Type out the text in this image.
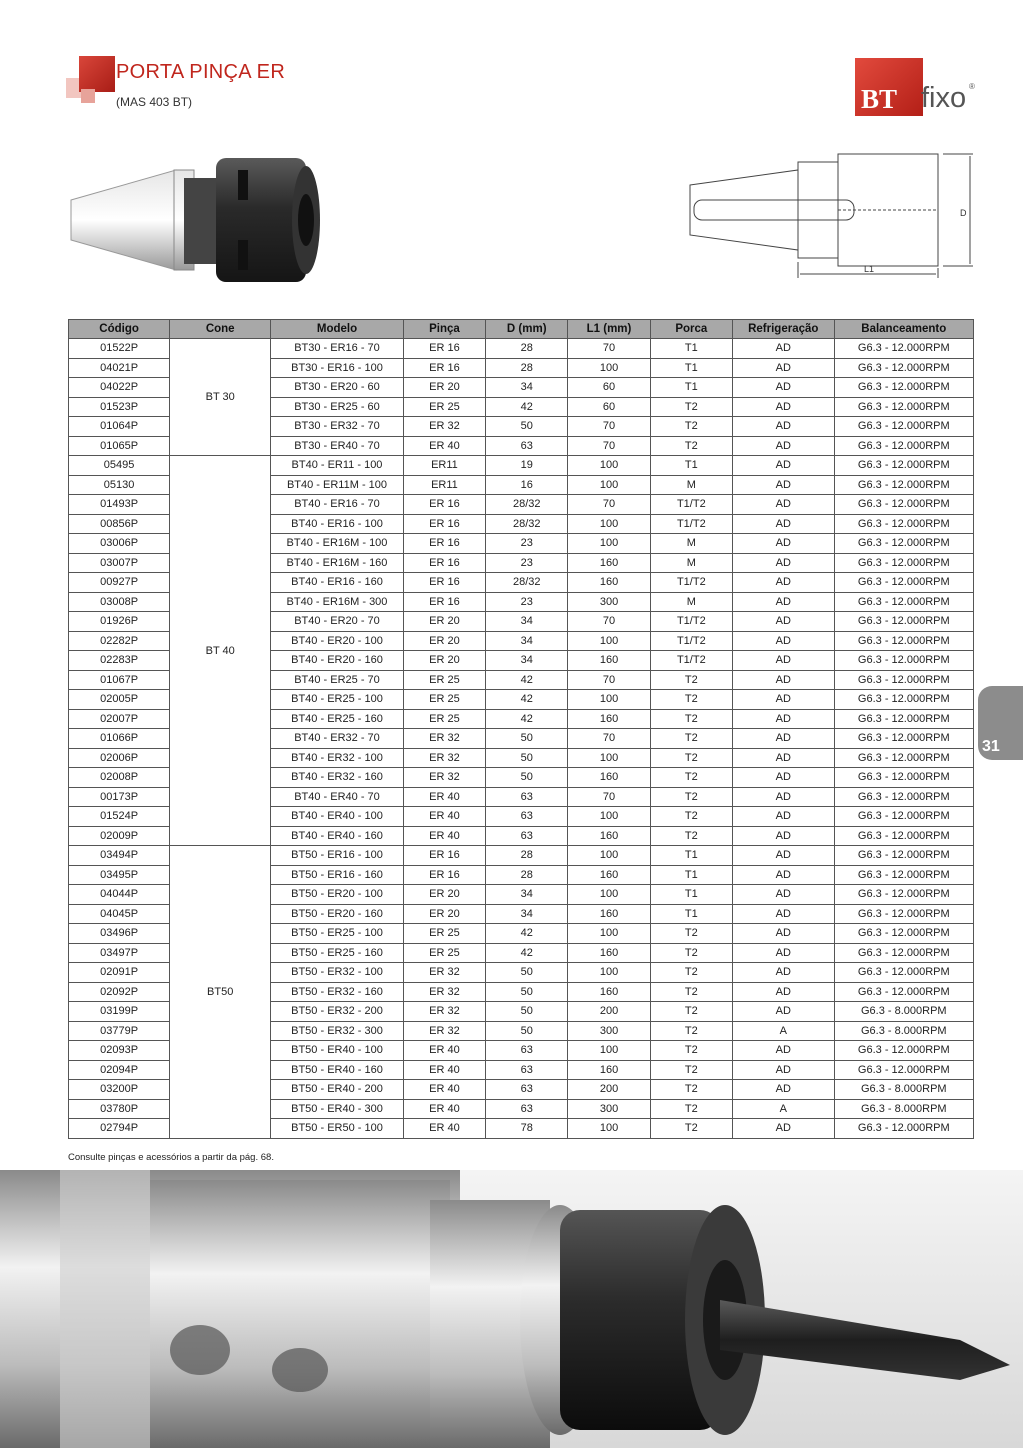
PORTA PINÇA ER
(MAS 403 BT)	BT fixo ®
D
L1
Código	Cone	Modelo	Pinça	D (mm)	L1 (mm)	Porca	Refrigeração	Balanceamento
01522P	BT 30	BT30 - ER16 - 70	ER 16	28	70	T1	AD	G6.3 - 12.000RPM
04021P		BT30 - ER16 - 100	ER 16	28	100	T1	AD	G6.3 - 12.000RPM
04022P		BT30 - ER20 - 60	ER 20	34	60	T1	AD	G6.3 - 12.000RPM
01523P		BT30 - ER25 - 60	ER 25	42	60	T2	AD	G6.3 - 12.000RPM
01064P		BT30 - ER32 - 70	ER 32	50	70	T2	AD	G6.3 - 12.000RPM
01065P		BT30 - ER40 - 70	ER 40	63	70	T2	AD	G6.3 - 12.000RPM
05495	BT 40	BT40 - ER11 - 100	ER11	19	100	T1	AD	G6.3 - 12.000RPM
05130		BT40 - ER11M - 100	ER11	16	100	M	AD	G6.3 - 12.000RPM
01493P		BT40 - ER16 - 70	ER 16	28/32	70	T1/T2	AD	G6.3 - 12.000RPM
00856P		BT40 - ER16 - 100	ER 16	28/32	100	T1/T2	AD	G6.3 - 12.000RPM
03006P		BT40 - ER16M - 100	ER 16	23	100	M	AD	G6.3 - 12.000RPM
03007P		BT40 - ER16M - 160	ER 16	23	160	M	AD	G6.3 - 12.000RPM
00927P		BT40 - ER16 - 160	ER 16	28/32	160	T1/T2	AD	G6.3 - 12.000RPM
03008P		BT40 - ER16M - 300	ER 16	23	300	M	AD	G6.3 - 12.000RPM
01926P		BT40 - ER20 - 70	ER 20	34	70	T1/T2	AD	G6.3 - 12.000RPM
02282P		BT40 - ER20 - 100	ER 20	34	100	T1/T2	AD	G6.3 - 12.000RPM
02283P		BT40 - ER20 - 160	ER 20	34	160	T1/T2	AD	G6.3 - 12.000RPM
01067P		BT40 - ER25 - 70	ER 25	42	70	T2	AD	G6.3 - 12.000RPM
02005P		BT40 - ER25 - 100	ER 25	42	100	T2	AD	G6.3 - 12.000RPM
02007P		BT40 - ER25 - 160	ER 25	42	160	T2	AD	G6.3 - 12.000RPM
01066P		BT40 - ER32 - 70	ER 32	50	70	T2	AD	G6.3 - 12.000RPM
02006P		BT40 - ER32 - 100	ER 32	50	100	T2	AD	G6.3 - 12.000RPM
02008P		BT40 - ER32 - 160	ER 32	50	160	T2	AD	G6.3 - 12.000RPM
00173P		BT40 - ER40 - 70	ER 40	63	70	T2	AD	G6.3 - 12.000RPM
01524P		BT40 - ER40 - 100	ER 40	63	100	T2	AD	G6.3 - 12.000RPM
02009P		BT40 - ER40 - 160	ER 40	63	160	T2	AD	G6.3 - 12.000RPM
03494P	BT50	BT50 - ER16 - 100	ER 16	28	100	T1	AD	G6.3 - 12.000RPM
03495P		BT50 - ER16 - 160	ER 16	28	160	T1	AD	G6.3 - 12.000RPM
04044P		BT50 - ER20 - 100	ER 20	34	100	T1	AD	G6.3 - 12.000RPM
04045P		BT50 - ER20 - 160	ER 20	34	160	T1	AD	G6.3 - 12.000RPM
03496P		BT50 - ER25 - 100	ER 25	42	100	T2	AD	G6.3 - 12.000RPM
03497P		BT50 - ER25 - 160	ER 25	42	160	T2	AD	G6.3 - 12.000RPM
02091P		BT50 - ER32 - 100	ER 32	50	100	T2	AD	G6.3 - 12.000RPM
02092P		BT50 - ER32 - 160	ER 32	50	160	T2	AD	G6.3 - 12.000RPM
03199P		BT50 - ER32 - 200	ER 32	50	200	T2	AD	G6.3 - 8.000RPM
03779P		BT50 - ER32 - 300	ER 32	50	300	T2	A	G6.3 - 8.000RPM
02093P		BT50 - ER40 - 100	ER 40	63	100	T2	AD	G6.3 - 12.000RPM
02094P		BT50 - ER40 - 160	ER 40	63	160	T2	AD	G6.3 - 12.000RPM
03200P		BT50 - ER40 - 200	ER 40	63	200	T2	AD	G6.3 - 8.000RPM
03780P		BT50 - ER40 - 300	ER 40	63	300	T2	A	G6.3 - 8.000RPM
02794P		BT50 - ER50 - 100	ER 40	78	100	T2	AD	G6.3 - 12.000RPM
Consulte pinças e acessórios a partir da pág. 68.
31
